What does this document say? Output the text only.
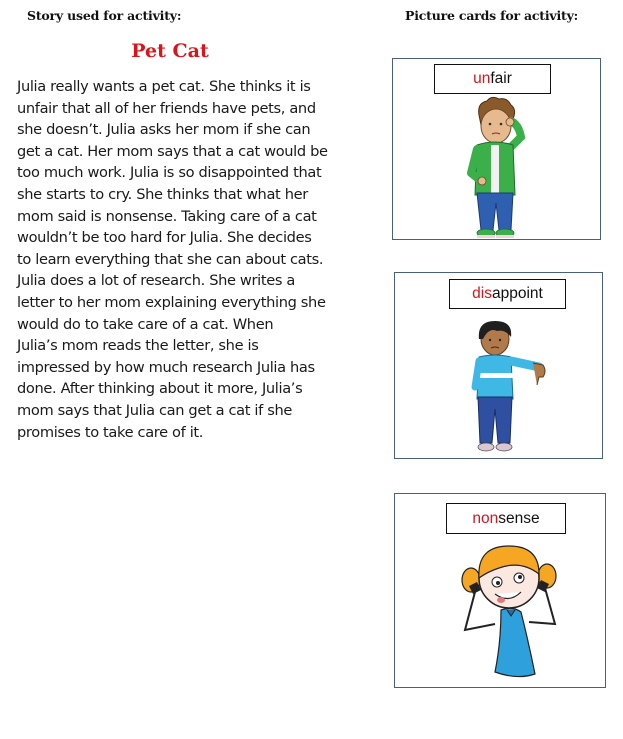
Story used for activity:	Picture cards for activity:
Pet Cat
Julia really wants a pet cat. She thinks it is
unfair that all of her friends have pets, and
she doesn’t. Julia asks her mom if she can
get a cat. Her mom says that a cat would be
too much work. Julia is so disappointed that
she starts to cry. She thinks that what her
mom said is nonsense. Taking care of a cat
wouldn’t be too hard for Julia. She decides
to learn everything that she can about cats.
Julia does a lot of research. She writes a
letter to her mom explaining everything she
would do to take care of a cat. When
Julia’s mom reads the letter, she is
impressed by how much research Julia has
done. After thinking about it more, Julia’s
mom says that Julia can get a cat if she
promises to take care of it.
unfair
disappoint
nonsense
